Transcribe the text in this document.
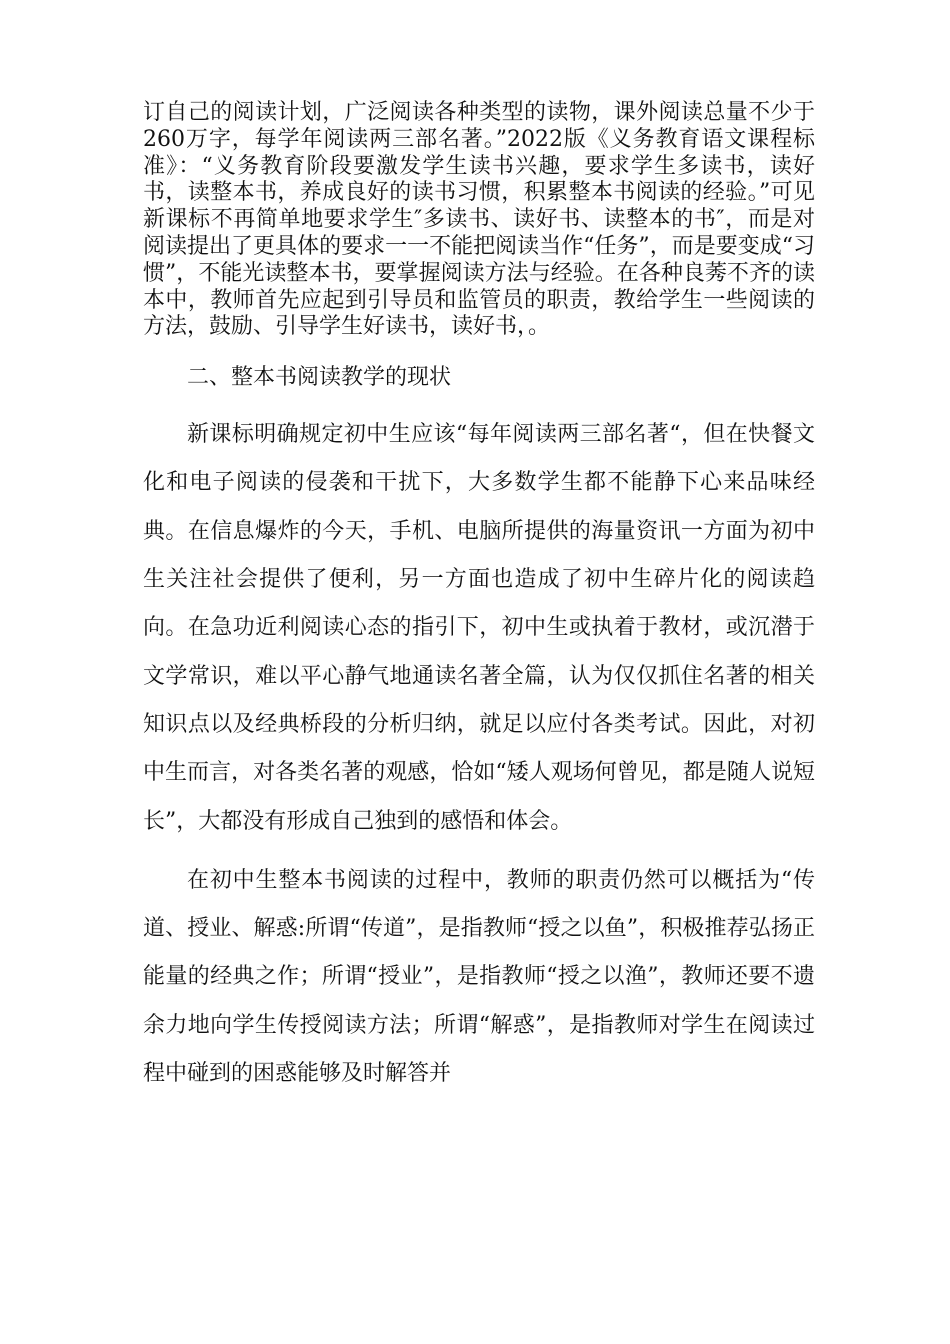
订自己的阅读计划，广泛阅读各种类型的读物，课外阅读总量不少于260万字，每学年阅读两三部名著。”2022版《义务教育语文课程标准》：“义务教育阶段要激发学生读书兴趣，要求学生多读书，读好书，读整本书，养成良好的读书习惯，积累整本书阅读的经验。”可见新课标不再简单地要求学生″多读书、读好书、读整本的书″，而是对阅读提出了更具体的要求一一不能把阅读当作“任务”，而是要变成“习惯”，不能光读整本书，要掌握阅读方法与经验。在各种良莠不齐的读本中，教师首先应起到引导员和监管员的职责，教给学生一些阅读的方法，鼓励、引导学生好读书，读好书，。

二、整本书阅读教学的现状

新课标明确规定初中生应该“每年阅读两三部名著“，但在快餐文化和电子阅读的侵袭和干扰下，大多数学生都不能静下心来品味经典。在信息爆炸的今天，手机、电脑所提供的海量资讯一方面为初中生关注社会提供了便利，另一方面也造成了初中生碎片化的阅读趋向。在急功近利阅读心态的指引下，初中生或执着于教材，或沉潜于文学常识，难以平心静气地通读名著全篇，认为仅仅抓住名著的相关知识点以及经典桥段的分析归纳，就足以应付各类考试。因此，对初中生而言，对各类名著的观感，恰如“矮人观场何曾见，都是随人说短长”，大都没有形成自己独到的感悟和体会。

在初中生整本书阅读的过程中，教师的职责仍然可以概括为“传道、授业、解惑:所谓“传道”，是指教师“授之以鱼”，积极推荐弘扬正能量的经典之作；所谓“授业”，是指教师“授之以渔”，教师还要不遗余力地向学生传授阅读方法；所谓“解惑”，是指教师对学生在阅读过程中碰到的困惑能够及时解答并
